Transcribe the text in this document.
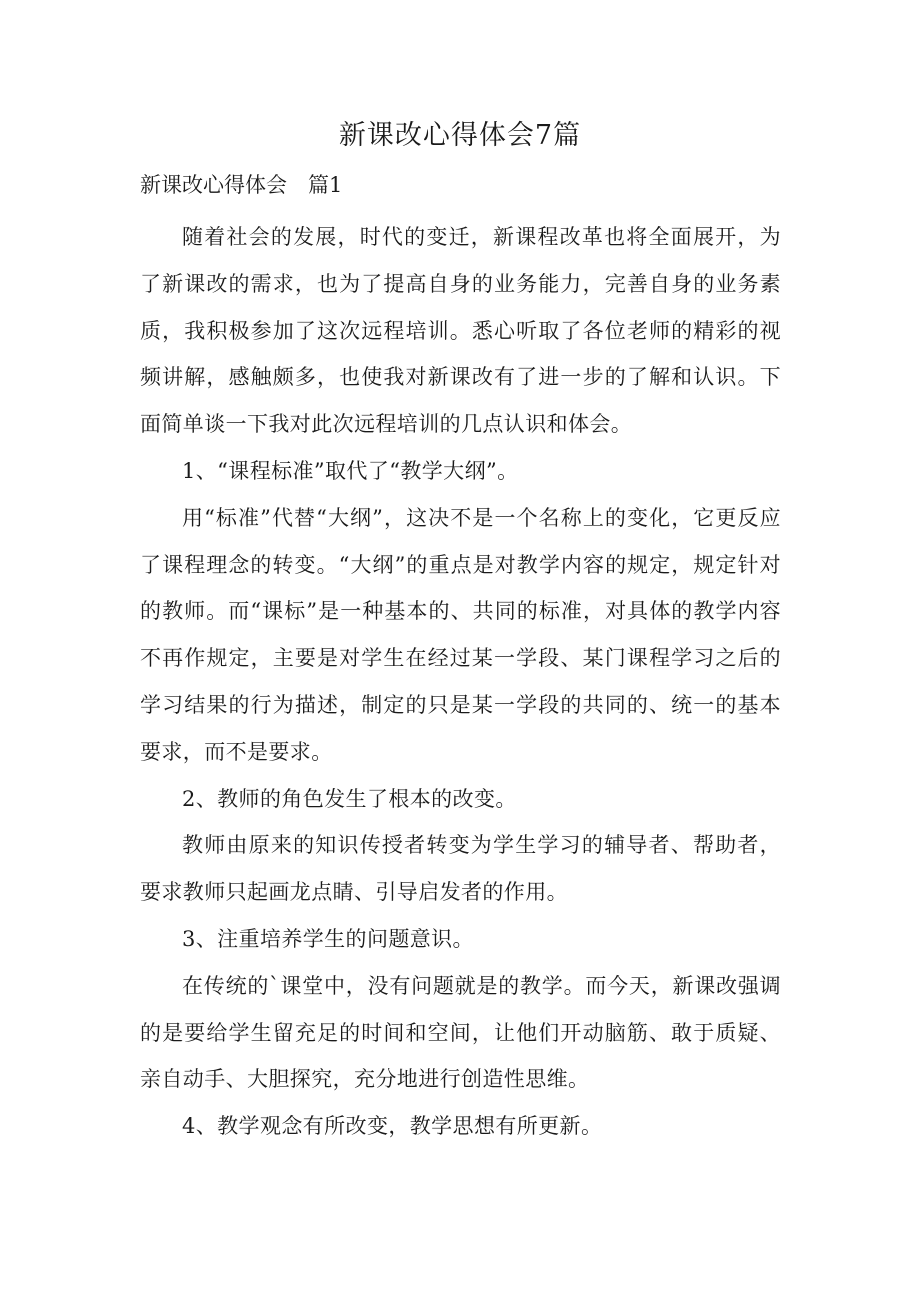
新课改心得体会7篇
新课改心得体会　篇1

随着社会的发展，时代的变迁，新课程改革也将全面展开，为了新课改的需求，也为了提高自身的业务能力，完善自身的业务素质，我积极参加了这次远程培训。悉心听取了各位老师的精彩的视频讲解，感触颇多，也使我对新课改有了进一步的了解和认识。下面简单谈一下我对此次远程培训的几点认识和体会。

1、“课程标准”取代了“教学大纲”。

用“标准”代替“大纲”，这决不是一个名称上的变化，它更反应了课程理念的转变。“大纲”的重点是对教学内容的规定，规定针对的教师。而“课标”是一种基本的、共同的标准，对具体的教学内容不再作规定，主要是对学生在经过某一学段、某门课程学习之后的学习结果的行为描述，制定的只是某一学段的共同的、统一的基本要求，而不是要求。

2、教师的角色发生了根本的改变。

教师由原来的知识传授者转变为学生学习的辅导者、帮助者，要求教师只起画龙点睛、引导启发者的作用。

3、注重培养学生的问题意识。

在传统的`课堂中，没有问题就是的教学。而今天，新课改强调的是要给学生留充足的时间和空间，让他们开动脑筋、敢于质疑、亲自动手、大胆探究，充分地进行创造性思维。

4、教学观念有所改变，教学思想有所更新。
